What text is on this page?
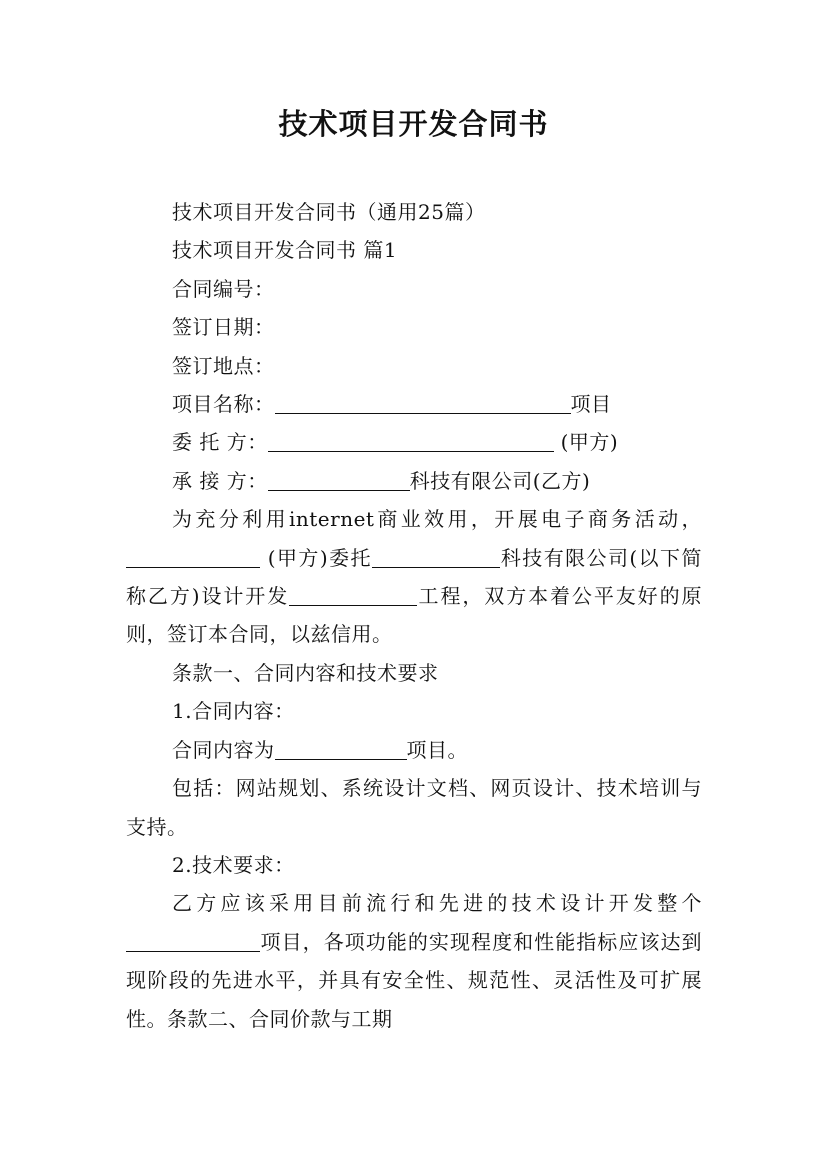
技术项目开发合同书

技术项目开发合同书（通用25篇）

技术项目开发合同书 篇1

合同编号：

签订日期：

签订地点：

项目名称：	项目

委 托 方：	(甲方)

承 接 方：	科技有限公司(乙方)

为充分利用internet商业效用，开展电子商务活动， (甲方)委托	科技有限公司(以下简称乙方)设计开发	工程，双方本着公平友好的原则，签订本合同，以兹信用。

条款一、合同内容和技术要求

1.合同内容：

合同内容为	项目。

包括：网站规划、系统设计文档、网页设计、技术培训与支持。

2.技术要求：

乙方应该采用目前流行和先进的技术设计开发整个项目，各项功能的实现程度和性能指标应该达到现阶段的先进水平，并具有安全性、规范性、灵活性及可扩展性。条款二、合同价款与工期
